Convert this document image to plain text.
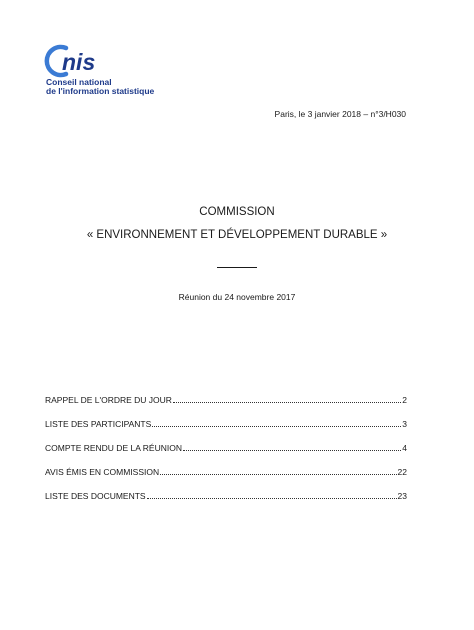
nis
Conseil national
de l'information statistique
Paris, le 3 janvier 2018 – n°3/H030
COMMISSION
« ENVIRONNEMENT ET DÉVELOPPEMENT DURABLE »
Réunion du 24 novembre 2017
RAPPEL DE L'ORDRE DU JOUR	2
LISTE DES PARTICIPANTS	3
COMPTE RENDU DE LA RÉUNION	4
AVIS ÉMIS EN COMMISSION	22
LISTE DES DOCUMENTS	23
